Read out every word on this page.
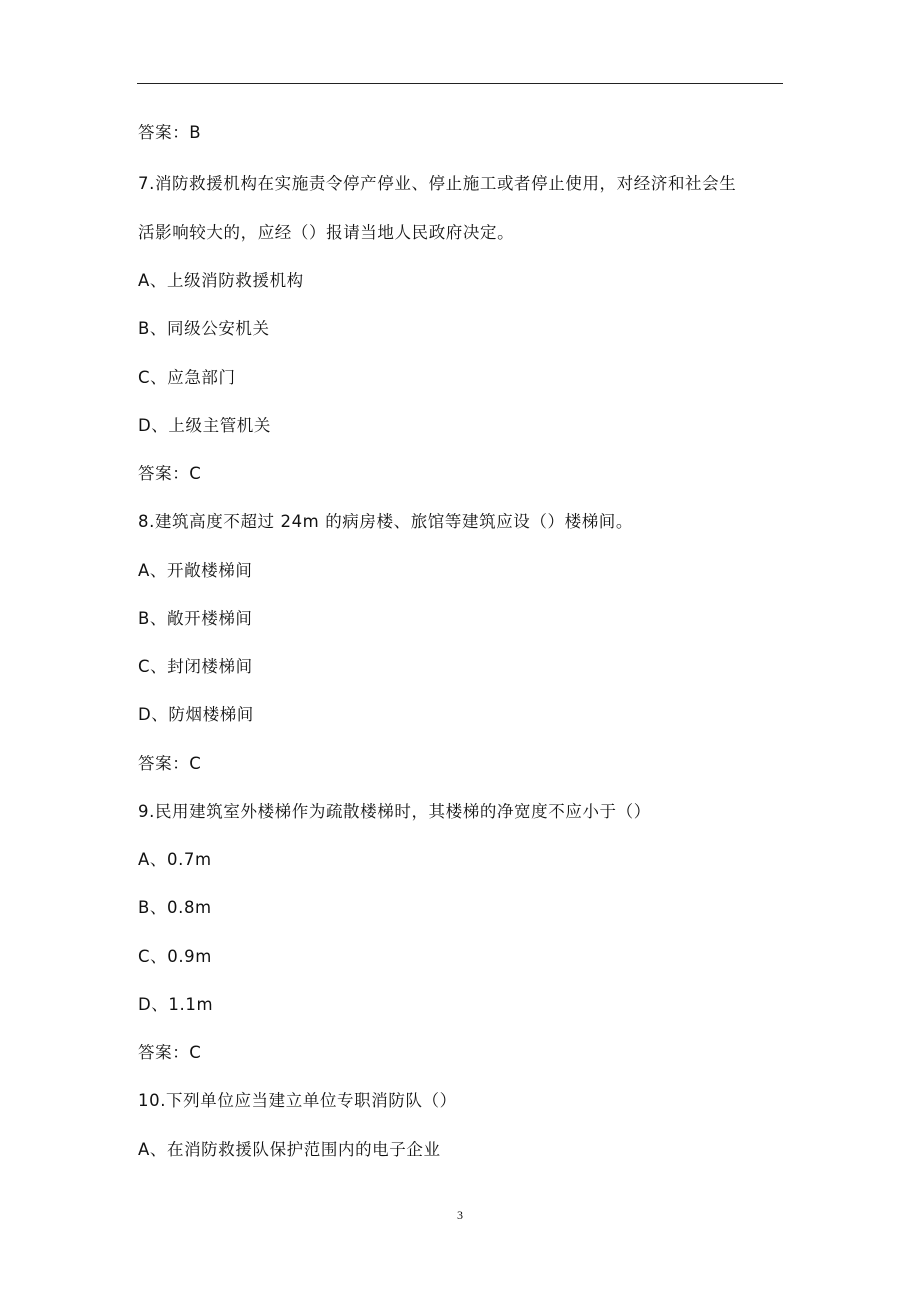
答案：B

7.消防救援机构在实施责令停产停业、停止施工或者停止使用，对经济和社会生

活影响较大的，应经（）报请当地人民政府决定。

A、上级消防救援机构

B、同级公安机关

C、应急部门

D、上级主管机关

答案：C

8.建筑高度不超过 24m 的病房楼、旅馆等建筑应设（）楼梯间。

A、开敞楼梯间

B、敞开楼梯间

C、封闭楼梯间

D、防烟楼梯间

答案：C

9.民用建筑室外楼梯作为疏散楼梯时，其楼梯的净宽度不应小于（）

A、0.7m

B、0.8m

C、0.9m

D、1.1m

答案：C

10.下列单位应当建立单位专职消防队（）

A、在消防救援队保护范围内的电子企业

3
